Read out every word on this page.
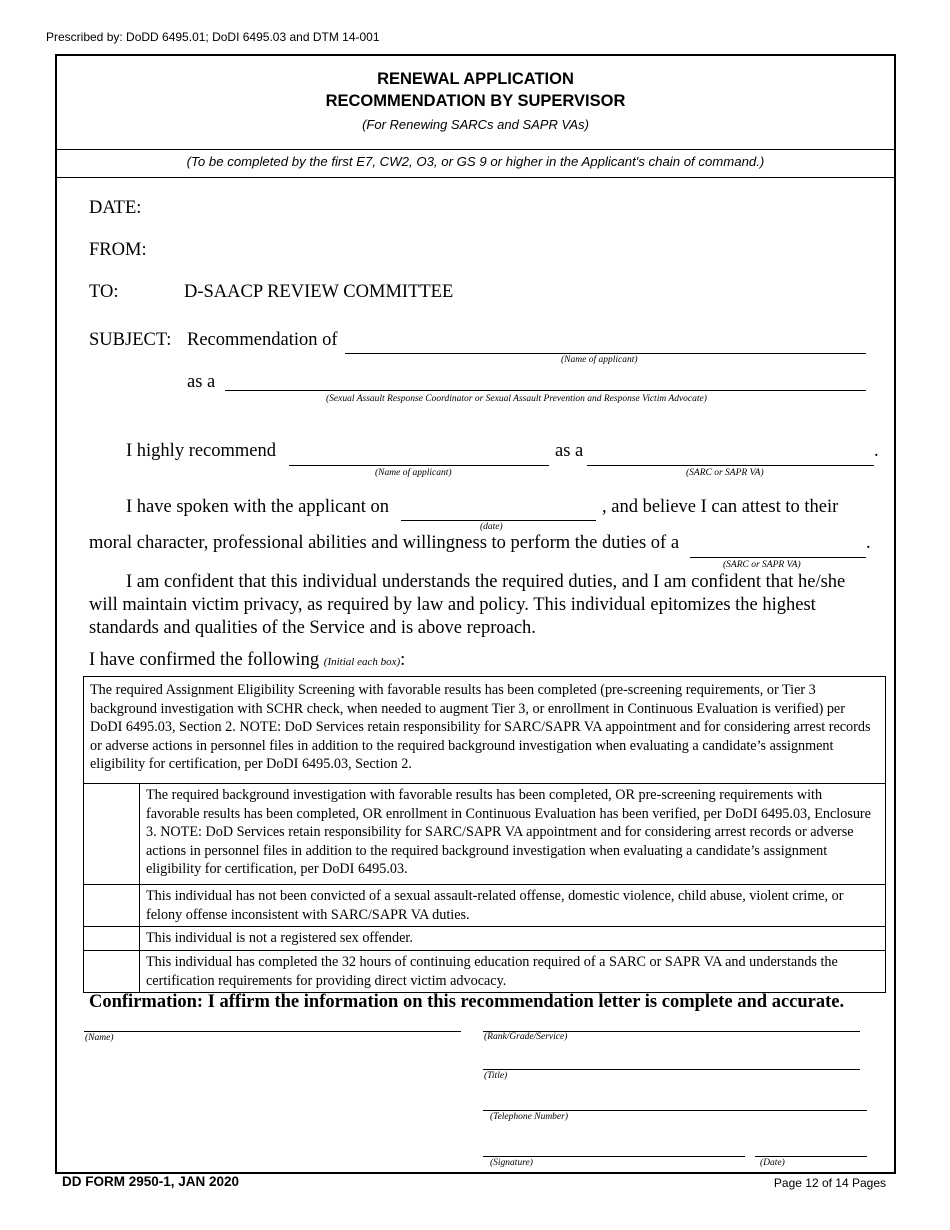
Prescribed by: DoDD 6495.01; DoDI 6495.03 and DTM 14-001
RENEWAL APPLICATION
RECOMMENDATION BY SUPERVISOR
(For Renewing SARCs and SAPR VAs)
(To be completed by the first E7, CW2, O3, or GS 9 or higher in the Applicant's chain of command.)
DATE:
FROM:
TO:	D-SAACP REVIEW COMMITTEE
SUBJECT: Recommendation of
(Name of applicant)
as a
(Sexual Assault Response Coordinator or Sexual Assault Prevention and Response Victim Advocate)
I highly recommend
(Name of applicant)
as a
(SARC or SAPR VA)
.
I have spoken with the applicant on
(date)
, and believe I can attest to their
moral character, professional abilities and willingness to perform the duties of a
(SARC or SAPR VA)
.
I am confident that this individual understands the required duties, and I am confident that he/she
will maintain victim privacy, as required by law and policy. This individual epitomizes the highest
standards and qualities of the Service and is above reproach.
I have confirmed the following (Initial each box):
The required Assignment Eligibility Screening with favorable results has been completed (pre-screening requirements, or Tier 3 background investigation with SCHR check, when needed to augment Tier 3, or enrollment in Continuous Evaluation is verified) per DoDI 6495.03, Section 2. NOTE: DoD Services retain responsibility for SARC/SAPR VA appointment and for considering arrest records or adverse actions in personnel files in addition to the required background investigation when evaluating a candidate’s assignment eligibility for certification, per DoDI 6495.03, Section 2.
	The required background investigation with favorable results has been completed, OR pre-screening requirements with favorable results has been completed, OR enrollment in Continuous Evaluation has been verified, per DoDI 6495.03, Enclosure 3. NOTE: DoD Services retain responsibility for SARC/SAPR VA appointment and for considering arrest records or adverse actions in personnel files in addition to the required background investigation when evaluating a candidate’s assignment eligibility for certification, per DoDI 6495.03.
	This individual has not been convicted of a sexual assault-related offense, domestic violence, child abuse, violent crime, or felony offense inconsistent with SARC/SAPR VA duties.
	This individual is not a registered sex offender.
	This individual has completed the 32 hours of continuing education required of a SARC or SAPR VA and understands the certification requirements for providing direct victim advocacy.
Confirmation: I affirm the information on this recommendation letter is complete and accurate.
(Name)	(Rank/Grade/Service)
(Title)
(Telephone Number)
(Signature)	(Date)
DD FORM 2950-1, JAN 2020	Page 12 of 14 Pages
